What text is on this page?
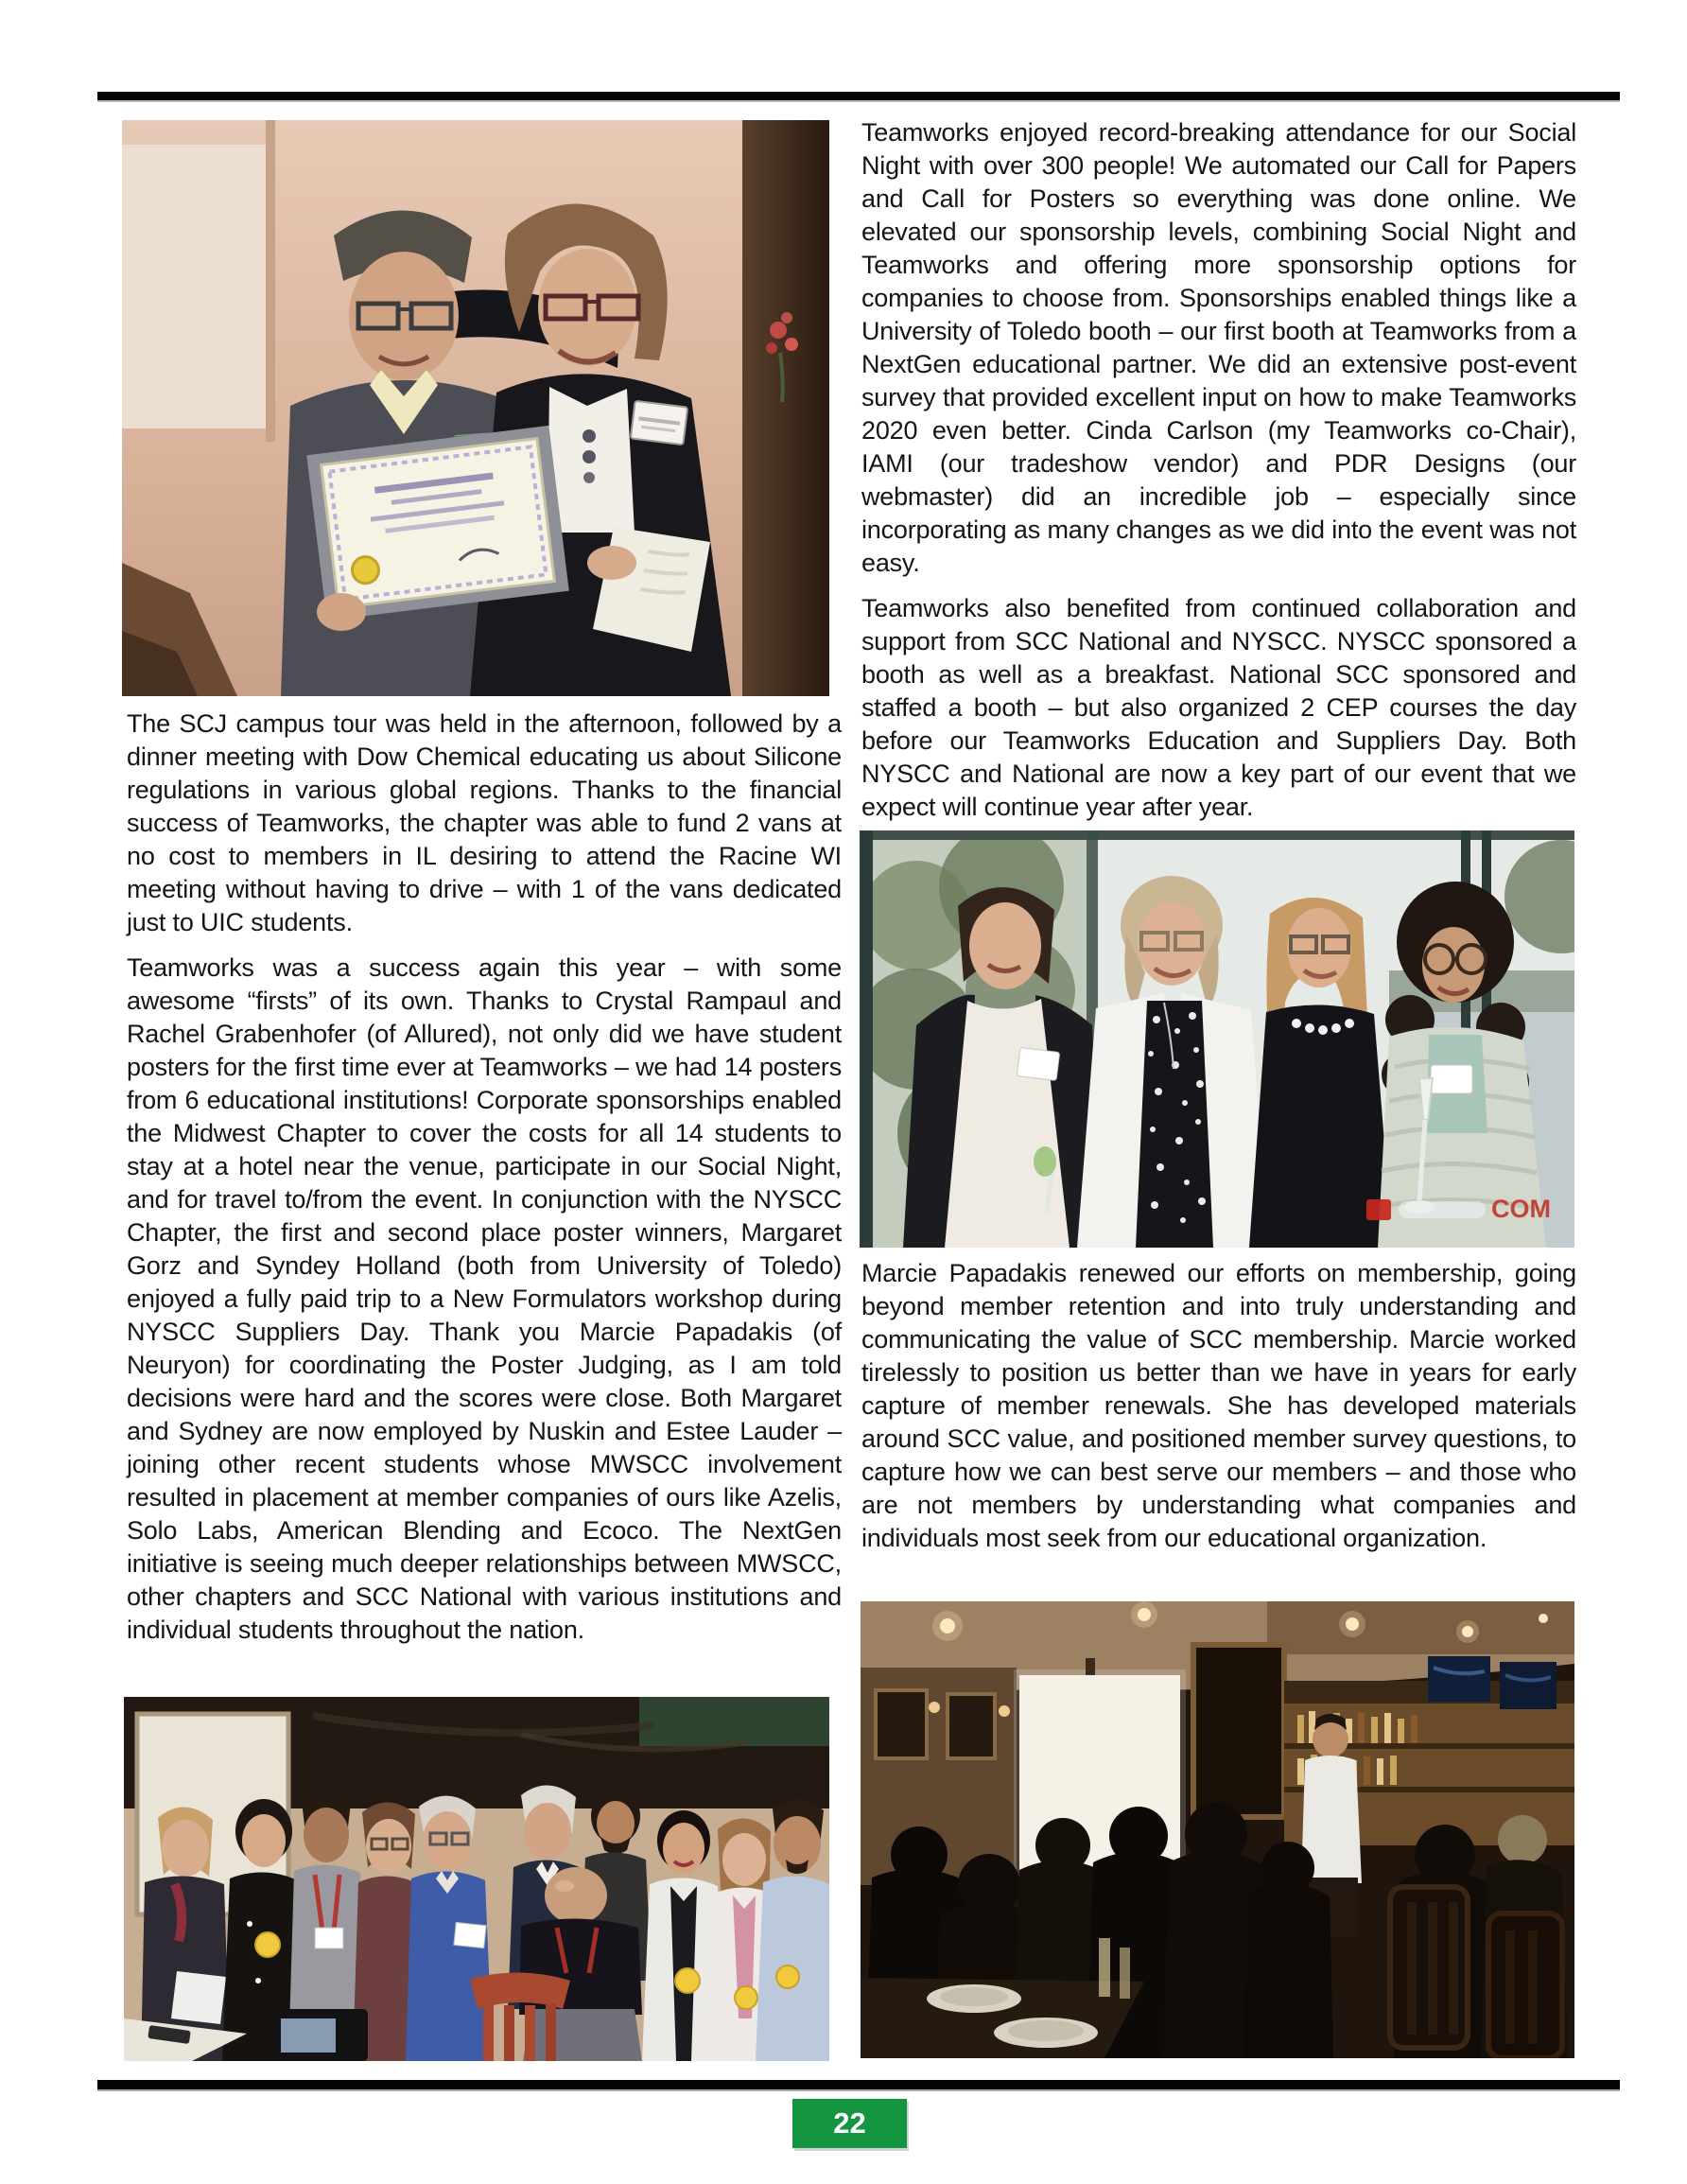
The SCJ campus tour was held in the afternoon, followed by a dinner meeting with Dow Chemical educating us about Silicone regulations in various global regions. Thanks to the financial success of Teamworks, the chapter was able to fund 2 vans at no cost to members in IL desiring to attend the Racine WI meeting without having to drive – with 1 of the vans dedicated just to UIC students.

Teamworks was a success again this year – with some awesome “firsts” of its own. Thanks to Crystal Rampaul and Rachel Grabenhofer (of Allured), not only did we have student posters for the first time ever at Teamworks – we had 14 posters from 6 educational institutions! Corporate sponsorships enabled the Midwest Chapter to cover the costs for all 14 students to stay at a hotel near the venue, participate in our Social Night, and for travel to/from the event. In conjunction with the NYSCC Chapter, the first and second place poster winners, Margaret Gorz and Syndey Holland (both from University of Toledo) enjoyed a fully paid trip to a New Formulators workshop during NYSCC Suppliers Day. Thank you Marcie Papadakis (of Neuryon) for coordinating the Poster Judging, as I am told decisions were hard and the scores were close. Both Margaret and Sydney are now employed by Nuskin and Estee Lauder – joining other recent students whose MWSCC involvement resulted in placement at member companies of ours like Azelis, Solo Labs, American Blending and Ecoco. The NextGen initiative is seeing much deeper relationships between MWSCC, other chapters and SCC National with various institutions and individual students throughout the nation.

Teamworks enjoyed record-breaking attendance for our Social Night with over 300 people! We automated our Call for Papers and Call for Posters so everything was done online. We elevated our sponsorship levels, combining Social Night and Teamworks and offering more sponsorship options for companies to choose from. Sponsorships enabled things like a University of Toledo booth – our first booth at Teamworks from a NextGen educational partner. We did an extensive post-event survey that provided excellent input on how to make Teamworks 2020 even better. Cinda Carlson (my Teamworks co-Chair), IAMI (our tradeshow vendor) and PDR Designs (our webmaster) did an incredible job – especially since incorporating as many changes as we did into the event was not easy.

Teamworks also benefited from continued collaboration and support from SCC National and NYSCC. NYSCC sponsored a booth as well as a breakfast. National SCC sponsored and staffed a booth – but also organized 2 CEP courses the day before our Teamworks Education and Suppliers Day. Both NYSCC and National are now a key part of our event that we expect will continue year after year.

COM

Marcie Papadakis renewed our efforts on membership, going beyond member retention and into truly understanding and communicating the value of SCC membership. Marcie worked tirelessly to position us better than we have in years for early capture of member renewals. She has developed materials around SCC value, and positioned member survey questions, to capture how we can best serve our members – and those who are not members by understanding what companies and individuals most seek from our educational organization.

22
